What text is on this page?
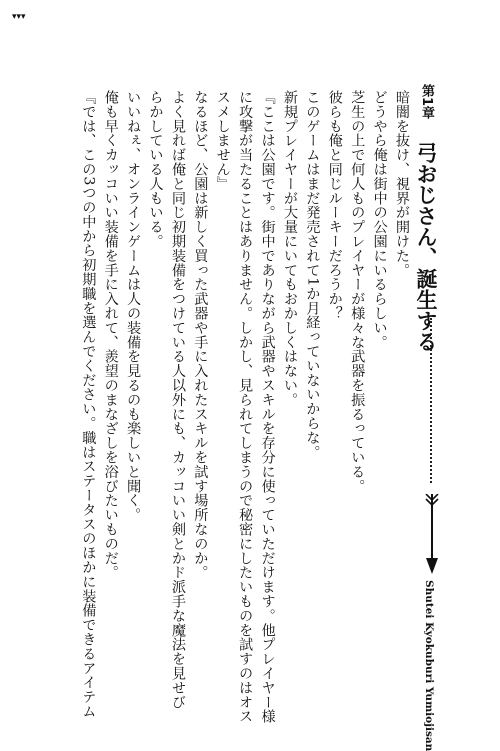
▾▾▾

暗闇を抜け、視界が開けた。

どうやら俺は街中の公園にいるらしい。

芝生の上で何人ものプレイヤーが様々な武器を振るっている。

彼らも俺と同じルーキーだろうか？

このゲームはまだ発売されて1か月経っていないからな。

新規プレイヤーが大量にいてもおかしくはない。

『ここは公園です。街中でありながら武器やスキルを存分に使っていただけます。他プレイヤー様

に攻撃が当たることはありません。しかし、見られてしまうので秘密にしたいものを試すのはオス

スメしません』

なるほど、公園は新しく買った武器や手に入れたスキルを試す場所なのか。

よく見れば俺と同じ初期装備をつけている人以外にも、カッコいい剣とかド派手な魔法を見せび

らかしている人もいる。

いいねぇ、オンラインゲームは人の装備を見るのも楽しいと聞く。

俺も早くカッコいい装備を手に入れて、羨望のまなざしを浴びたいものだ。

『では、この3つの中から初期職を選んでください。職はステータスのほかに装備できるアイテム	第1章
弓おじさん、誕生する
Shutei Kyokuburi Yumiojisan
